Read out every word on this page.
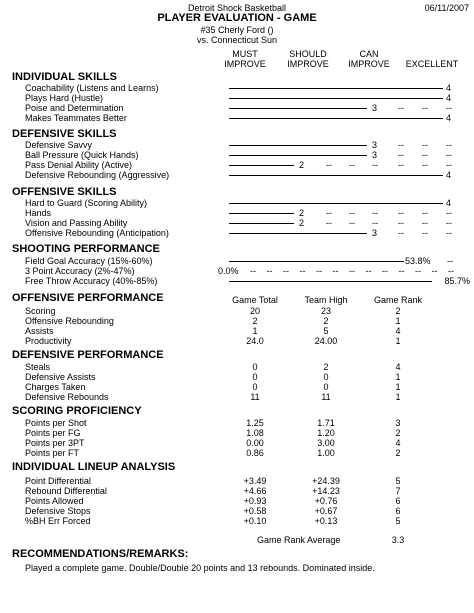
Detroit Shock Basketball	06/11/2007
PLAYER EVALUATION - GAME
#35 Cherly Ford ()
vs. Connecticut Sun
MUST
IMPROVE
SHOULD
IMPROVE
CAN
IMPROVE	EXCELLENT
INDIVIDUAL SKILLS
Coachability (Listens and Learns)	4
Plays Hard (Hustle)	4
Poise and Determination	3 -- -- --
Makes Teammates Better	4
DEFENSIVE SKILLS
Defensive Savvy	3 -- -- --
Ball Pressure (Quick Hands)	3 -- -- --
Pass Denial Ability (Active)	2 -- -- -- -- -- --
Defensive Rebounding (Aggressive)	4
OFFENSIVE SKILLS
Hard to Guard (Scoring Ability)	4
Hands	2 -- -- -- -- -- --
Vision and Passing Ability	2 -- -- -- -- -- --
Offensive Rebounding (Anticipation)	3 -- -- --
SHOOTING PERFORMANCE
Field Goal Accuracy (15%-60%)	53.8% --
3 Point Accuracy (2%-47%)	0.0% -- -- -- -- -- -- -- -- -- -- -- -- --
Free Throw Accuracy (40%-85%)	85.7%
OFFENSIVE PERFORMANCE	Game Total	Team High	Game Rank
Scoring	20	23	2
Offensive Rebounding	2	2	1
Assists	1	5	4
Productivity	24.0	24.00	1
DEFENSIVE PERFORMANCE
Steals	0	2	4
Defensive Assists	0	0	1
Charges Taken	0	0	1
Defensive Rebounds	11	11	1
SCORING PROFICIENCY
Points per Shot	1.25	1.71	3
Points per FG	1.08	1.20	2
Points per 3PT	0.00	3.00	4
Points per FT	0.86	1.00	2
INDIVIDUAL LINEUP ANALYSIS
Point Differential	+3.49	+24.39	5
Rebound Differential	+4.66	+14.23	7
Points Allowed	+0.93	+0.76	6
Defensive Stops	+0.58	+0.67	6
%BH Err Forced	+0.10	+0.13	5
Game Rank Average	3.3
RECOMMENDATIONS/REMARKS:
Played a complete game. Double/Double 20 points and 13 rebounds. Dominated inside.
